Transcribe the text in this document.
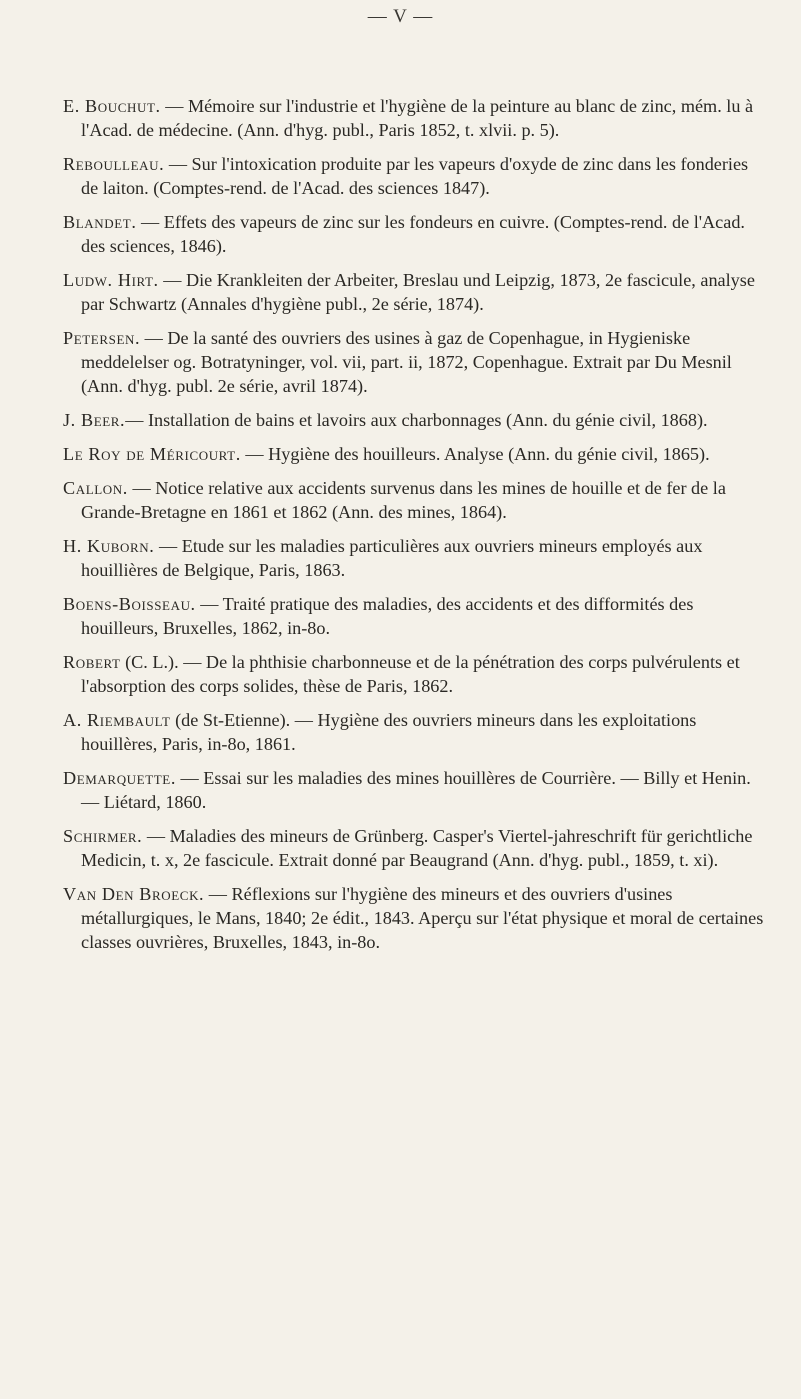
— V —

E. Bouchut. — Mémoire sur l'industrie et l'hygiène de la peinture au blanc de zinc, mém. lu à l'Acad. de médecine. (Ann. d'hyg. publ., Paris 1852, t. xlvii. p. 5).

Reboulleau. — Sur l'intoxication produite par les vapeurs d'oxyde de zinc dans les fonderies de laiton. (Comptes-rend. de l'Acad. des sciences 1847).

Blandet. — Effets des vapeurs de zinc sur les fondeurs en cuivre. (Comptes-rend. de l'Acad. des sciences, 1846).

Ludw. Hirt. — Die Krankleiten der Arbeiter, Breslau und Leipzig, 1873, 2e fascicule, analyse par Schwartz (Annales d'hygiène publ., 2e série, 1874).

Petersen. — De la santé des ouvriers des usines à gaz de Copenhague, in Hygieniske meddelelser og. Botratyninger, vol. vii, part. ii, 1872, Copenhague. Extrait par Du Mesnil (Ann. d'hyg. publ. 2e série, avril 1874).

J. Beer.— Installation de bains et lavoirs aux charbonnages (Ann. du génie civil, 1868).

Le Roy de Méricourt. — Hygiène des houilleurs. Analyse (Ann. du génie civil, 1865).

Callon. — Notice relative aux accidents survenus dans les mines de houille et de fer de la Grande-Bretagne en 1861 et 1862 (Ann. des mines, 1864).

H. Kuborn. — Etude sur les maladies particulières aux ouvriers mineurs employés aux houillières de Belgique, Paris, 1863.

Boens-Boisseau. — Traité pratique des maladies, des accidents et des difformités des houilleurs, Bruxelles, 1862, in-8o.

Robert (C. L.). — De la phthisie charbonneuse et de la pénétration des corps pulvérulents et l'absorption des corps solides, thèse de Paris, 1862.

A. Riembault (de St-Etienne). — Hygiène des ouvriers mineurs dans les exploitations houillères, Paris, in-8o, 1861.

Demarquette. — Essai sur les maladies des mines houillères de Courrière. — Billy et Henin. — Liétard, 1860.

Schirmer. — Maladies des mineurs de Grünberg. Casper's Viertel-jahreschrift für gerichtliche Medicin, t. x, 2e fascicule. Extrait donné par Beaugrand (Ann. d'hyg. publ., 1859, t. xi).

Van Den Broeck. — Réflexions sur l'hygiène des mineurs et des ouvriers d'usines métallurgiques, le Mans, 1840; 2e édit., 1843. Aperçu sur l'état physique et moral de certaines classes ouvrières, Bruxelles, 1843, in-8o.
